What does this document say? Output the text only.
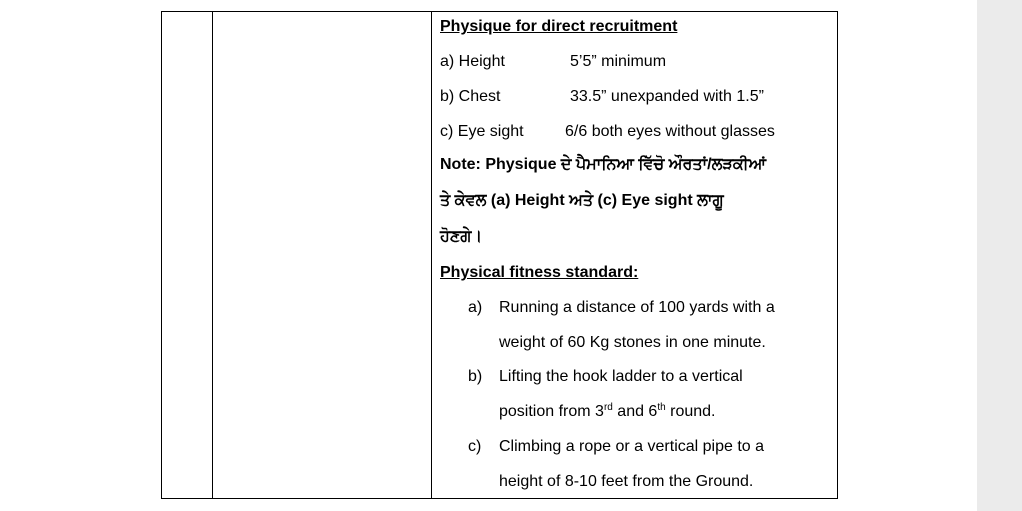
Physique for direct recruitment
a) Height	5’5” minimum
b) Chest	33.5” unexpanded with 1.5”
c) Eye sight	6/6 both eyes without glasses
Note: Physique ਦੇ ਪੈਮਾਨਿਆ ਵਿੱਚੋ ਔਰਤਾਂ/ਲੜਕੀਆਂ
ਤੇ ਕੇਵਲ (a) Height ਅਤੇ (c) Eye sight ਲਾਗੂ
ਹੋਣਗੇ।
Physical fitness standard:
a) Running a distance of 100 yards with a
weight of 60 Kg stones in one minute.
b) Lifting the hook ladder to a vertical
position from 3rd and 6th round.
c) Climbing a rope or a vertical pipe to a
height of 8-10 feet from the Ground.
